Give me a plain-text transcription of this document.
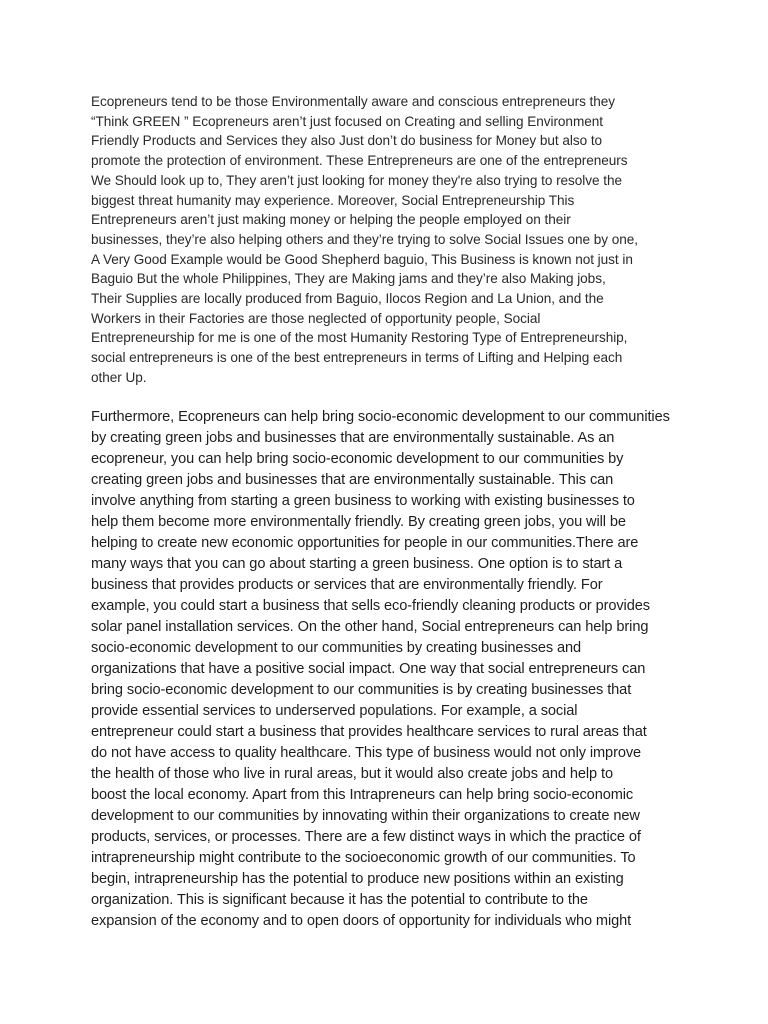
Ecopreneurs tend to be those Environmentally aware and conscious entrepreneurs they
“Think GREEN ” Ecopreneurs aren’t just focused on Creating and selling Environment
Friendly Products and Services they also Just don’t do business for Money but also to
promote the protection of environment. These Entrepreneurs are one of the entrepreneurs
We Should look up to, They aren’t just looking for money they're also trying to resolve the
biggest threat humanity may experience. Moreover, Social Entrepreneurship This
Entrepreneurs aren’t just making money or helping the people employed on their
businesses, they’re also helping others and they’re trying to solve Social Issues one by one,
A Very Good Example would be Good Shepherd baguio, This Business is known not just in
Baguio But the whole Philippines, They are Making jams and they’re also Making jobs,
Their Supplies are locally produced from Baguio, Ilocos Region and La Union, and the
Workers in their Factories are those neglected of opportunity people, Social
Entrepreneurship for me is one of the most Humanity Restoring Type of Entrepreneurship,
social entrepreneurs is one of the best entrepreneurs in terms of Lifting and Helping each
other Up.

Furthermore, Ecopreneurs can help bring socio-economic development to our communities
by creating green jobs and businesses that are environmentally sustainable. As an
ecopreneur, you can help bring socio-economic development to our communities by
creating green jobs and businesses that are environmentally sustainable. This can
involve anything from starting a green business to working with existing businesses to
help them become more environmentally friendly. By creating green jobs, you will be
helping to create new economic opportunities for people in our communities.There are
many ways that you can go about starting a green business. One option is to start a
business that provides products or services that are environmentally friendly. For
example, you could start a business that sells eco-friendly cleaning products or provides
solar panel installation services. On the other hand, Social entrepreneurs can help bring
socio-economic development to our communities by creating businesses and
organizations that have a positive social impact. One way that social entrepreneurs can
bring socio-economic development to our communities is by creating businesses that
provide essential services to underserved populations. For example, a social
entrepreneur could start a business that provides healthcare services to rural areas that
do not have access to quality healthcare. This type of business would not only improve
the health of those who live in rural areas, but it would also create jobs and help to
boost the local economy. Apart from this Intrapreneurs can help bring socio-economic
development to our communities by innovating within their organizations to create new
products, services, or processes. There are a few distinct ways in which the practice of
intrapreneurship might contribute to the socioeconomic growth of our communities. To
begin, intrapreneurship has the potential to produce new positions within an existing
organization. This is significant because it has the potential to contribute to the
expansion of the economy and to open doors of opportunity for individuals who might
